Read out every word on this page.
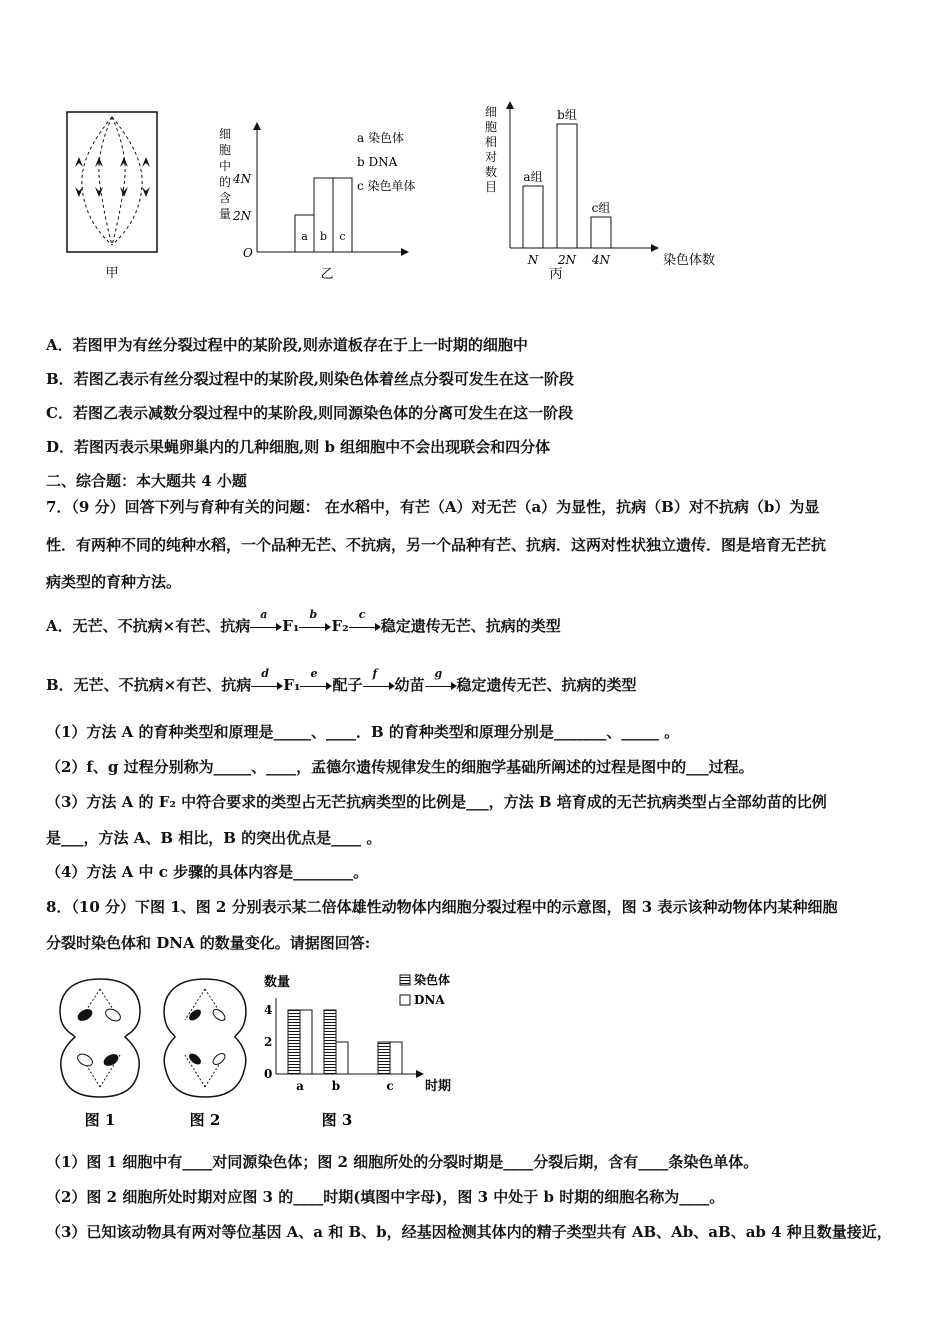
甲
细胞中的含量
4N
2N
O
a b c
a 染色体
b DNA
c 染色单体
乙
细
胞
相
对
数
目
a组
b组
c组
N 2N 4N	染色体数
丙
A．若图甲为有丝分裂过程中的某阶段,则赤道板存在于上一时期的细胞中
B．若图乙表示有丝分裂过程中的某阶段,则染色体着丝点分裂可发生在这一阶段
C．若图乙表示减数分裂过程中的某阶段,则同源染色体的分离可发生在这一阶段
D．若图丙表示果蝇卵巢内的几种细胞,则 b 组细胞中不会出现联会和四分体
二、综合题：本大题共 4 小题
7．（9 分）回答下列与育种有关的问题： 在水稻中，有芒（A）对无芒（a）为显性，抗病（B）对不抗病（b）为显
性．有两种不同的纯种水稻，一个品种无芒、不抗病，另一个品种有芒、抗病．这两对性状独立遗传．图是培育无芒抗
病类型的育种方法。
A．无芒、不抗病×有芒、抗病
a
F₁
b
F₂
c
稳定遗传无芒、抗病的类型
B．无芒、不抗病×有芒、抗病
d
F₁
e
配子
f
幼苗
g
稳定遗传无芒、抗病的类型
（1）方法 A 的育种类型和原理是_____、____．B 的育种类型和原理分别是_______、_____ 。
（2）f、g 过程分别称为_____、____，孟德尔遗传规律发生的细胞学基础所阐述的过程是图中的___过程。
（3）方法 A 的 F₂ 中符合要求的类型占无芒抗病类型的比例是___，方法 B 培育成的无芒抗病类型占全部幼苗的比例
是___，方法 A、B 相比，B 的突出优点是____ 。
（4）方法 A 中 c 步骤的具体内容是________。
8．（10 分）下图 1、图 2 分别表示某二倍体雄性动物体内细胞分裂过程中的示意图，图 3 表示该种动物体内某种细胞
分裂时染色体和 DNA 的数量变化。请据图回答:
图 1	图 2
数量
0
2
4
a b	c
染色体
DNA
时期
图 3
（1）图 1 细胞中有____对同源染色体；图 2 细胞所处的分裂时期是____分裂后期，含有____条染色单体。
（2）图 2 细胞所处时期对应图 3 的____时期(填图中字母)，图 3 中处于 b 时期的细胞名称为____。
（3）已知该动物具有两对等位基因 A、a 和 B、b，经基因检测其体内的精子类型共有 AB、Ab、aB、ab 4 种且数量接近，
